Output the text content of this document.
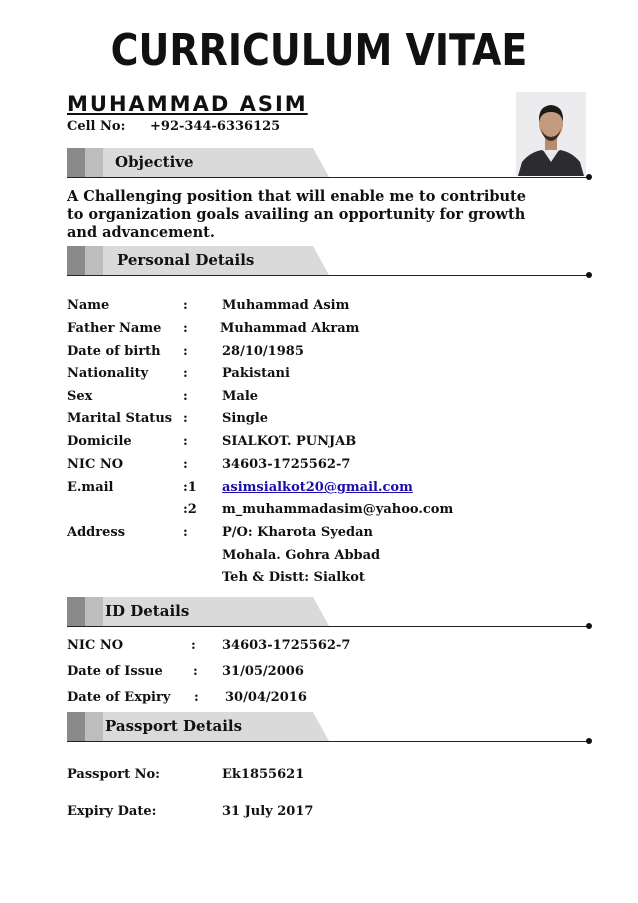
CURRICULUM VITAE
MUHAMMAD ASIM
Cell No: +92-344-6336125
Objective
A Challenging position that will enable me to contribute to organization goals availing an opportunity for growth and advancement.
Personal Details
Name	:	Muhammad Asim
Father Name : Muhammad Akram
Date of birth :	28/10/1985
Nationality	:	Pakistani
Sex	:	Male
Marital Status :	Single
Domicile	:	SIALKOT. PUNJAB
NIC NO	:	34603-1725562-7
E.mail	:1 asimsialkot20@gmail.com
:2 m_muhammadasim@yahoo.com
Address	:	P/O: Kharota Syedan
Mohala. Gohra Abbad
Teh & Distt: Sialkot
ID Details
NIC NO	: 34603-1725562-7
Date of Issue : 31/05/2006
Date of Expiry : 30/04/2016
Passport Details
Passport No:	Ek1855621
Expiry Date:	31 July 2017
